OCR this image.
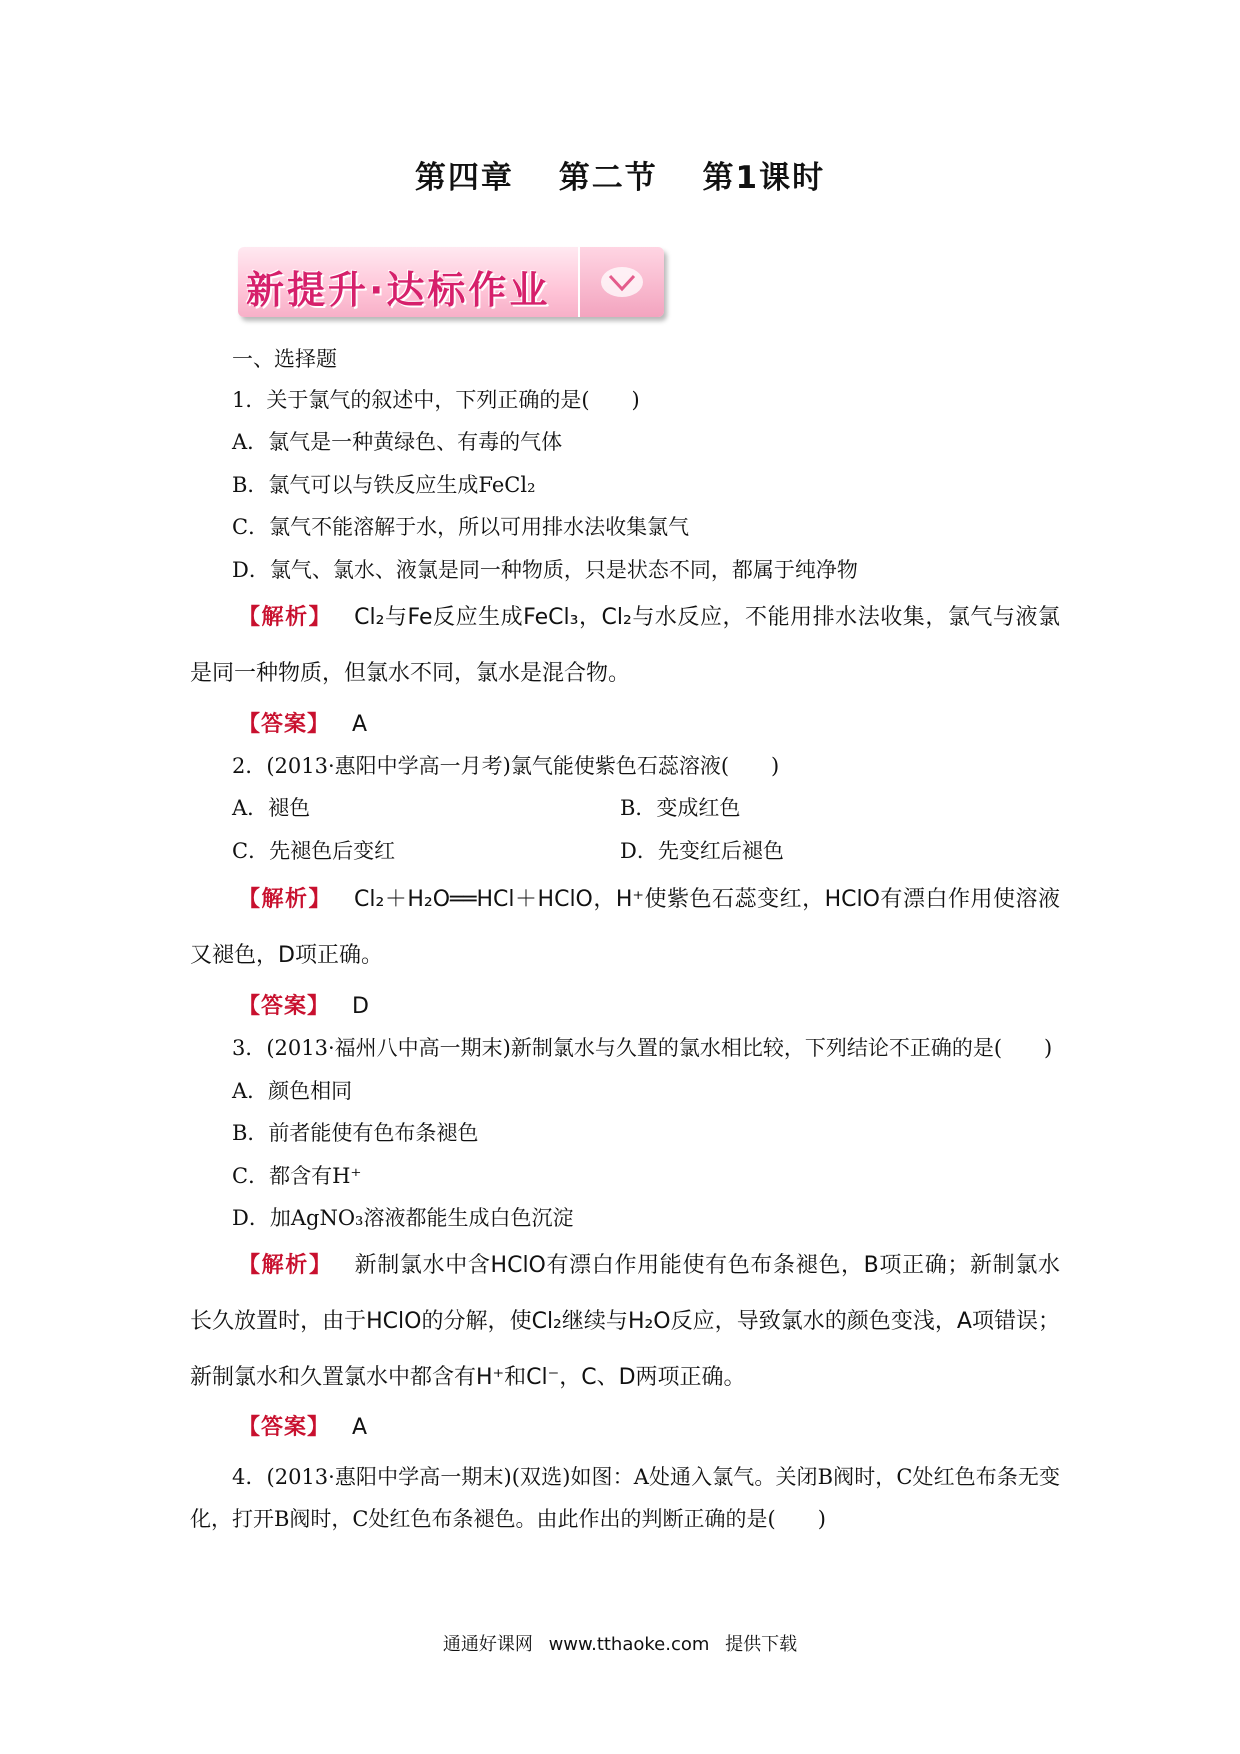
第四章 第二节 第1课时
新提升·达标作业
一、选择题
1．关于氯气的叙述中，下列正确的是(　　)
A．氯气是一种黄绿色、有毒的气体
B．氯气可以与铁反应生成FeCl₂
C．氯气不能溶解于水，所以可用排水法收集氯气
D．氯气、氯水、液氯是同一种物质，只是状态不同，都属于纯净物
【解析】 Cl₂与Fe反应生成FeCl₃，Cl₂与水反应，不能用排水法收集，氯气与液氯是同一种物质，但氯水不同，氯水是混合物。
【答案】 A
2．(2013·惠阳中学高一月考)氯气能使紫色石蕊溶液(　　)
A．褪色	B．变成红色
C．先褪色后变红	D．先变红后褪色
【解析】 Cl₂＋H₂O══HCl＋HClO，H⁺使紫色石蕊变红，HClO有漂白作用使溶液又褪色，D项正确。
【答案】 D
3．(2013·福州八中高一期末)新制氯水与久置的氯水相比较，下列结论不正确的是(　　)
A．颜色相同
B．前者能使有色布条褪色
C．都含有H⁺
D．加AgNO₃溶液都能生成白色沉淀
【解析】 新制氯水中含HClO有漂白作用能使有色布条褪色，B项正确；新制氯水长久放置时，由于HClO的分解，使Cl₂继续与H₂O反应，导致氯水的颜色变浅，A项错误；新制氯水和久置氯水中都含有H⁺和Cl⁻，C、D两项正确。
【答案】 A
4．(2013·惠阳中学高一期末)(双选)如图：A处通入氯气。关闭B阀时，C处红色布条无变化，打开B阀时，C处红色布条褪色。由此作出的判断正确的是(　　)
通通好课网 www.tthaoke.com 提供下载
